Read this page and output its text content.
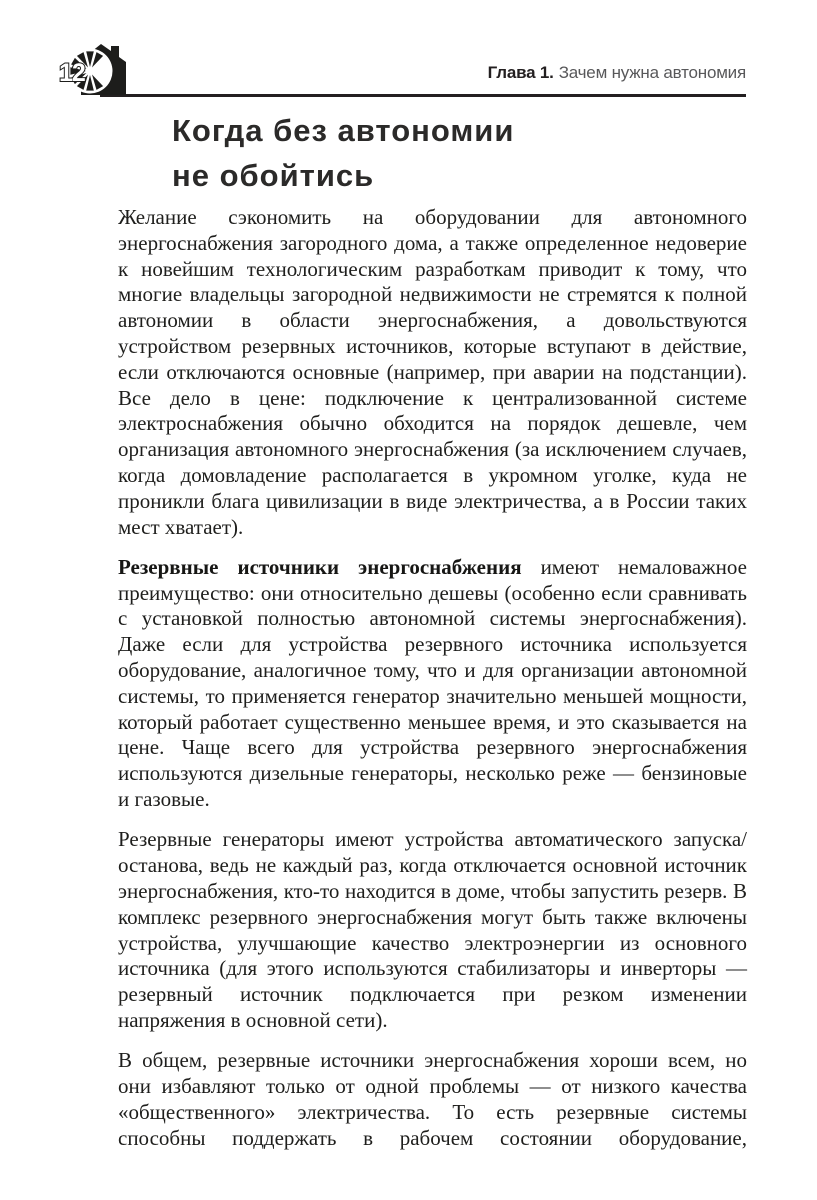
12	Глава 1. Зачем нужна автономия
Когда без автономии
не обойтись

Желание сэкономить на оборудовании для автономного энергоснабжения загородного дома, а также определенное недоверие к новейшим технологическим разработкам приводит к тому, что многие владельцы загородной недвижимости не стремятся к полной автономии в области энергоснабжения, а довольствуются устройством резервных источников, которые вступают в действие, если отключаются основные (например, при аварии на подстанции). Все дело в цене: подключение к централизованной системе электроснабжения обычно обходится на порядок дешевле, чем организация автономного энергоснабжения (за исключением случаев, когда домовладение располагается в укромном уголке, куда не проникли блага цивилизации в виде электричества, а в России таких мест хватает).

Резервные источники энергоснабжения имеют немаловажное преимущество: они относительно дешевы (особенно если сравнивать с установкой полностью автономной системы энергоснабжения). Даже если для устройства резервного источника используется оборудование, аналогичное тому, что и для организации автономной системы, то применяется генератор значительно меньшей мощности, который работает существенно меньшее время, и это сказывается на цене. Чаще всего для устройства резервного энергоснабжения используются дизельные генераторы, несколько реже — бензиновые и газовые.

Резервные генераторы имеют устройства автоматического запуска/останова, ведь не каждый раз, когда отключается основной источник энергоснабжения, кто-то находится в доме, чтобы запустить резерв. В комплекс резервного энергоснабжения могут быть также включены устройства, улучшающие качество электроэнергии из основного источника (для этого используются стабилизаторы и инверторы — резервный источник подключается при резком изменении напряжения в основной сети).

В общем, резервные источники энергоснабжения хороши всем, но они избавляют только от одной проблемы — от низкого качества «общественного» электричества. То есть резервные системы способны поддержать в рабочем состоянии оборудование,
